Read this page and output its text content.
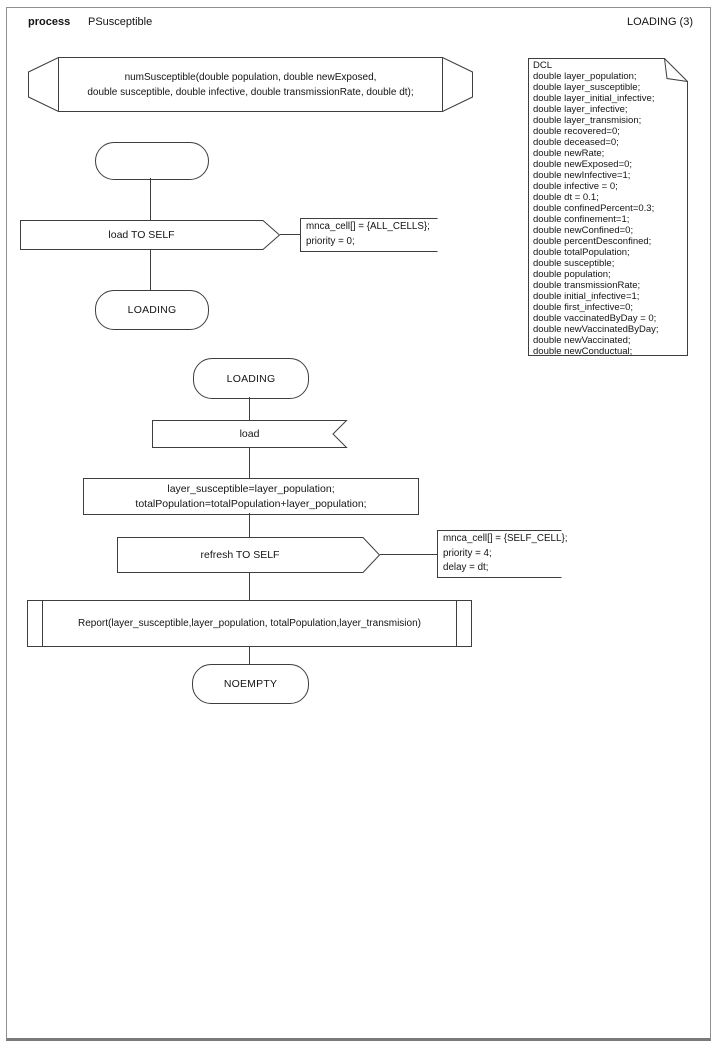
process PSusceptible	LOADING (3)
numSusceptible(double population, double newExposed,
double susceptible, double infective, double transmissionRate, double dt);
DCL
double layer_population;
double layer_susceptible;
double layer_initial_infective;
double layer_infective;
double layer_transmision;
double recovered=0;
double deceased=0;
double newRate;
double newExposed=0;
double newInfective=1;
double infective = 0;
double dt = 0.1;
double confinedPercent=0.3;
double confinement=1;
double newConfined=0;
double percentDesconfined;
double totalPopulation;
double susceptible;
double population;
double transmissionRate;
double initial_infective=1;
double first_infective=0;
double vaccinatedByDay = 0;
double newVaccinatedByDay;
double newVaccinated;
double newConductual;
load TO SELF
mnca_cell[] = {ALL_CELLS};
priority = 0;
LOADING
LOADING
load
layer_susceptible=layer_population;
totalPopulation=totalPopulation+layer_population;
refresh TO SELF
mnca_cell[] = {SELF_CELL};
priority = 4;
delay = dt;
Report(layer_susceptible,layer_population, totalPopulation,layer_transmision)
NOEMPTY
